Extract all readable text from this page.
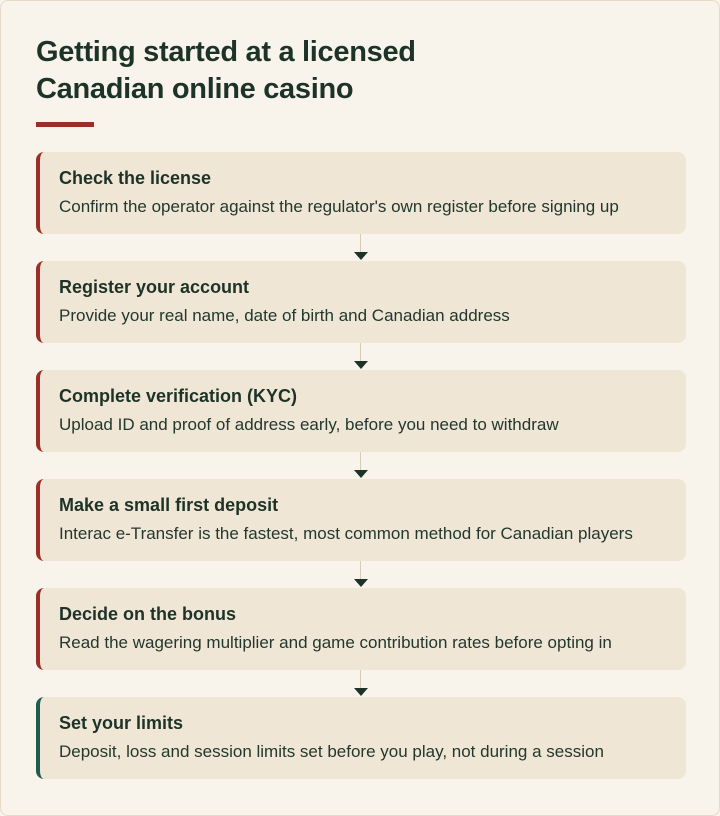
Getting started at a licensed
Canadian online casino
Check the license
Confirm the operator against the regulator's own register before signing up
Register your account
Provide your real name, date of birth and Canadian address
Complete verification (KYC)
Upload ID and proof of address early, before you need to withdraw
Make a small first deposit
Interac e-Transfer is the fastest, most common method for Canadian players
Decide on the bonus
Read the wagering multiplier and game contribution rates before opting in
Set your limits
Deposit, loss and session limits set before you play, not during a session
